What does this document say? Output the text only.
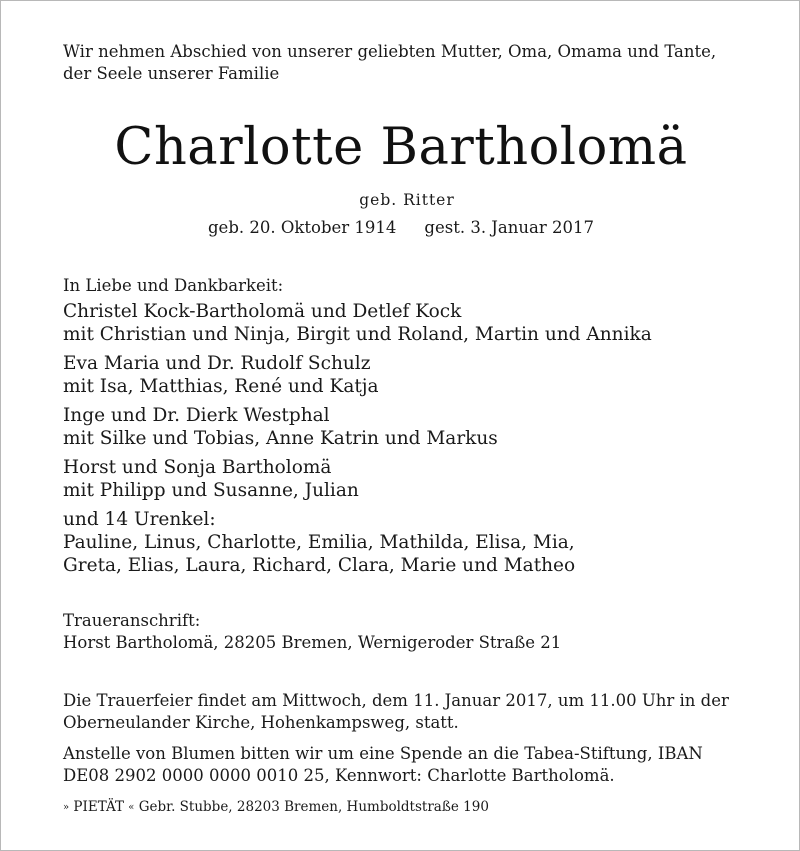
Wir nehmen Abschied von unserer geliebten Mutter, Oma, Omama und Tante,
der Seele unserer Familie
Charlotte Bartholomä
geb. Ritter
geb. 20. Oktober 1914 gest. 3. Januar 2017
In Liebe und Dankbarkeit:
Christel Kock-Bartholomä und Detlef Kock
mit Christian und Ninja, Birgit und Roland, Martin und Annika
Eva Maria und Dr. Rudolf Schulz
mit Isa, Matthias, René und Katja
Inge und Dr. Dierk Westphal
mit Silke und Tobias, Anne Katrin und Markus
Horst und Sonja Bartholomä
mit Philipp und Susanne, Julian
und 14 Urenkel:
Pauline, Linus, Charlotte, Emilia, Mathilda, Elisa, Mia,
Greta, Elias, Laura, Richard, Clara, Marie und Matheo
Traueranschrift:
Horst Bartholomä, 28205 Bremen, Wernigeroder Straße 21
Die Trauerfeier findet am Mittwoch, dem 11. Januar 2017, um 11.00 Uhr in der
Oberneulander Kirche, Hohenkampsweg, statt.
Anstelle von Blumen bitten wir um eine Spende an die Tabea-Stiftung, IBAN
DE08 2902 0000 0000 0010 25, Kennwort: Charlotte Bartholomä.
» PIETÄT « Gebr. Stubbe, 28203 Bremen, Humboldtstraße 190
